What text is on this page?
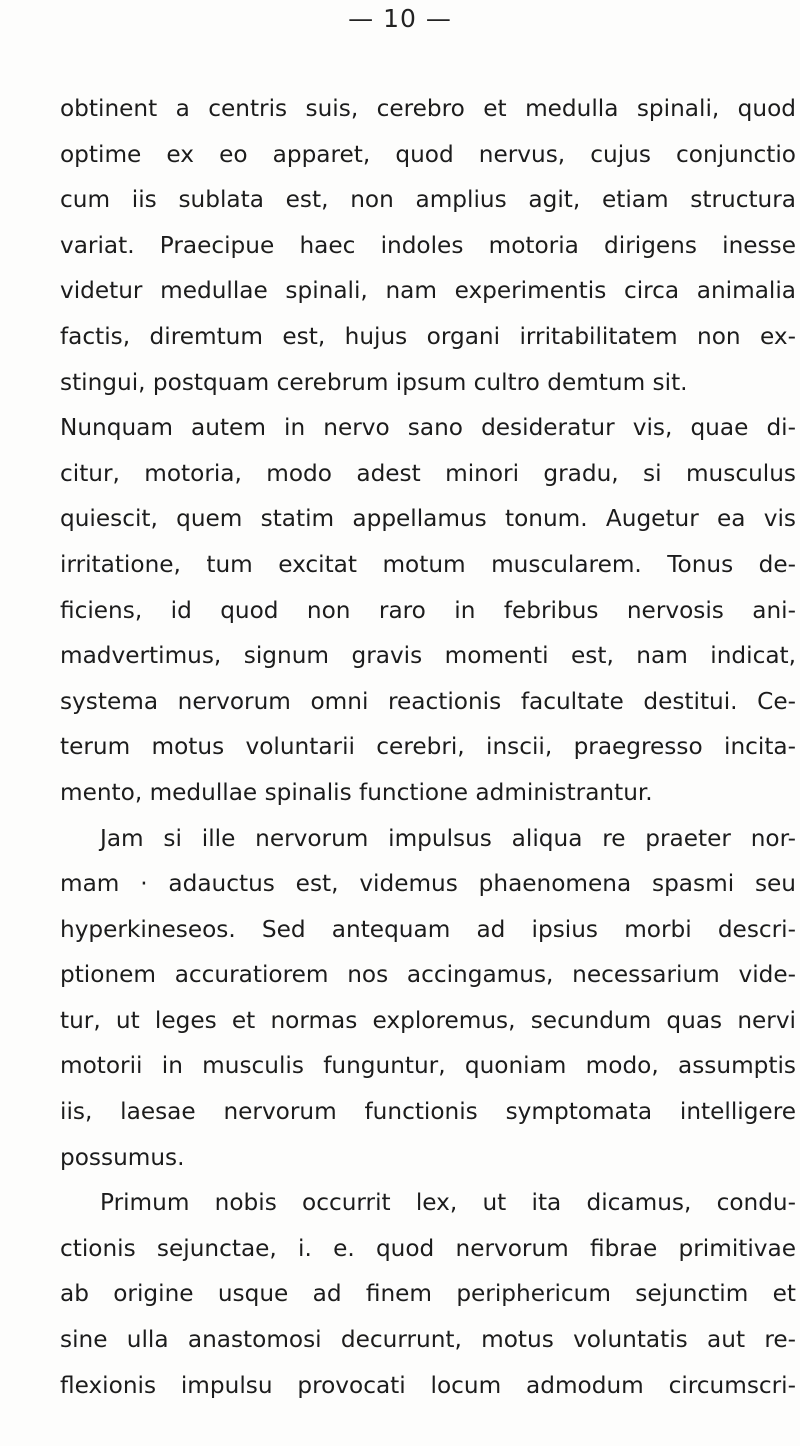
— 10 —
obtinent a centris suis, cerebro et medulla spinali, quod
optime ex eo apparet, quod nervus, cujus conjunctio
cum iis sublata est, non amplius agit, etiam structura
variat. Praecipue haec indoles motoria dirigens inesse
videtur medullae spinali, nam experimentis circa animalia
factis, diremtum est, hujus organi irritabilitatem non ex-
stingui, postquam cerebrum ipsum cultro demtum sit.
Nunquam autem in nervo sano desideratur vis, quae di-
citur, motoria, modo adest minori gradu, si musculus
quiescit, quem statim appellamus tonum. Augetur ea vis
irritatione, tum excitat motum muscularem. Tonus de-
ficiens, id quod non raro in febribus nervosis ani-
madvertimus, signum gravis momenti est, nam indicat,
systema nervorum omni reactionis facultate destitui. Ce-
terum motus voluntarii cerebri, inscii, praegresso incita-
mento, medullae spinalis functione administrantur.
Jam si ille nervorum impulsus aliqua re praeter nor-
mam · adauctus est, videmus phaenomena spasmi seu
hyperkineseos. Sed antequam ad ipsius morbi descri-
ptionem accuratiorem nos accingamus, necessarium vide-
tur, ut leges et normas exploremus, secundum quas nervi
motorii in musculis funguntur, quoniam modo, assumptis
iis, laesae nervorum functionis symptomata intelligere
possumus.
Primum nobis occurrit lex, ut ita dicamus, condu-
ctionis sejunctae, i. e. quod nervorum fibrae primitivae
ab origine usque ad finem periphericum sejunctim et
sine ulla anastomosi decurrunt, motus voluntatis aut re-
flexionis impulsu provocati locum admodum circumscri-
